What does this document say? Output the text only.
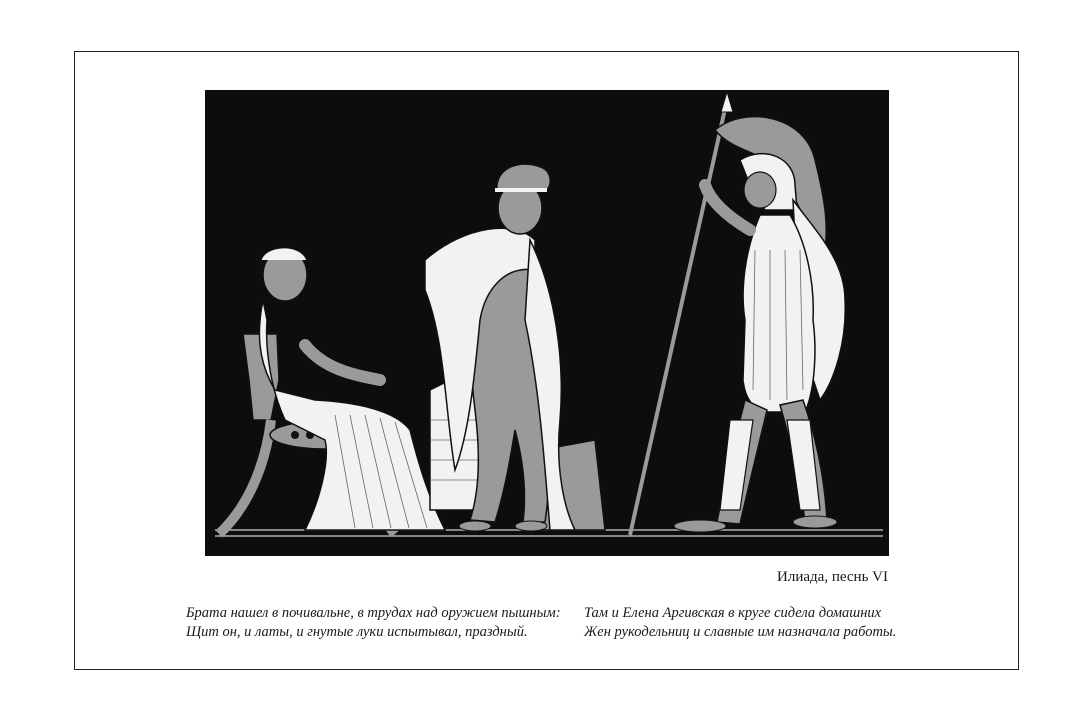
Илиада, песнь VI
Брата нашел в почивальне, в трудах над оружием пышным:
Щит он, и латы, и гнутые луки испытывал, праздный.
Там и Елена Аргивская в круге сидела домашних
Жен рукодельниц и славные им назначала работы.
